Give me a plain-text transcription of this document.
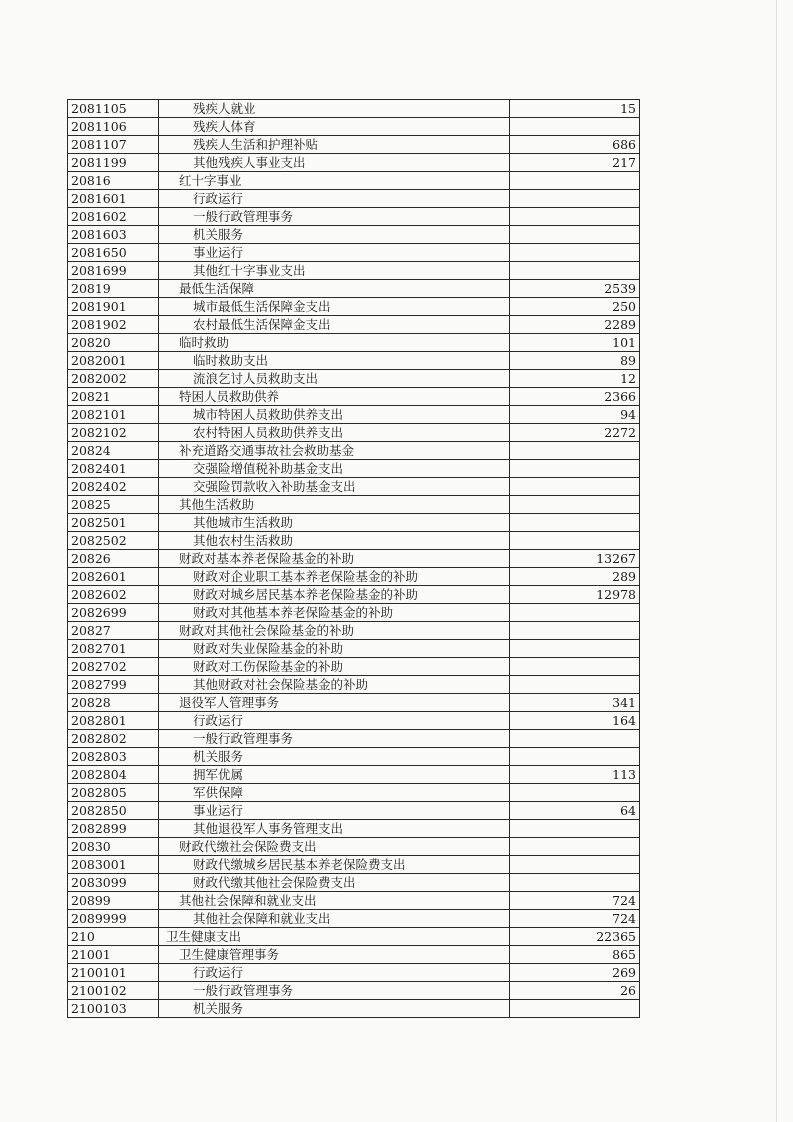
2081105	残疾人就业	15
2081106	残疾人体育	
2081107	残疾人生活和护理补贴	686
2081199	其他残疾人事业支出	217
20816	红十字事业	
2081601	行政运行	
2081602	一般行政管理事务	
2081603	机关服务	
2081650	事业运行	
2081699	其他红十字事业支出	
20819	最低生活保障	2539
2081901	城市最低生活保障金支出	250
2081902	农村最低生活保障金支出	2289
20820	临时救助	101
2082001	临时救助支出	89
2082002	流浪乞讨人员救助支出	12
20821	特困人员救助供养	2366
2082101	城市特困人员救助供养支出	94
2082102	农村特困人员救助供养支出	2272
20824	补充道路交通事故社会救助基金	
2082401	交强险增值税补助基金支出	
2082402	交强险罚款收入补助基金支出	
20825	其他生活救助	
2082501	其他城市生活救助	
2082502	其他农村生活救助	
20826	财政对基本养老保险基金的补助	13267
2082601	财政对企业职工基本养老保险基金的补助	289
2082602	财政对城乡居民基本养老保险基金的补助	12978
2082699	财政对其他基本养老保险基金的补助	
20827	财政对其他社会保险基金的补助	
2082701	财政对失业保险基金的补助	
2082702	财政对工伤保险基金的补助	
2082799	其他财政对社会保险基金的补助	
20828	退役军人管理事务	341
2082801	行政运行	164
2082802	一般行政管理事务	
2082803	机关服务	
2082804	拥军优属	113
2082805	军供保障	
2082850	事业运行	64
2082899	其他退役军人事务管理支出	
20830	财政代缴社会保险费支出	
2083001	财政代缴城乡居民基本养老保险费支出	
2083099	财政代缴其他社会保险费支出	
20899	其他社会保障和就业支出	724
2089999	其他社会保障和就业支出	724
210	卫生健康支出	22365
21001	卫生健康管理事务	865
2100101	行政运行	269
2100102	一般行政管理事务	26
2100103	机关服务	
